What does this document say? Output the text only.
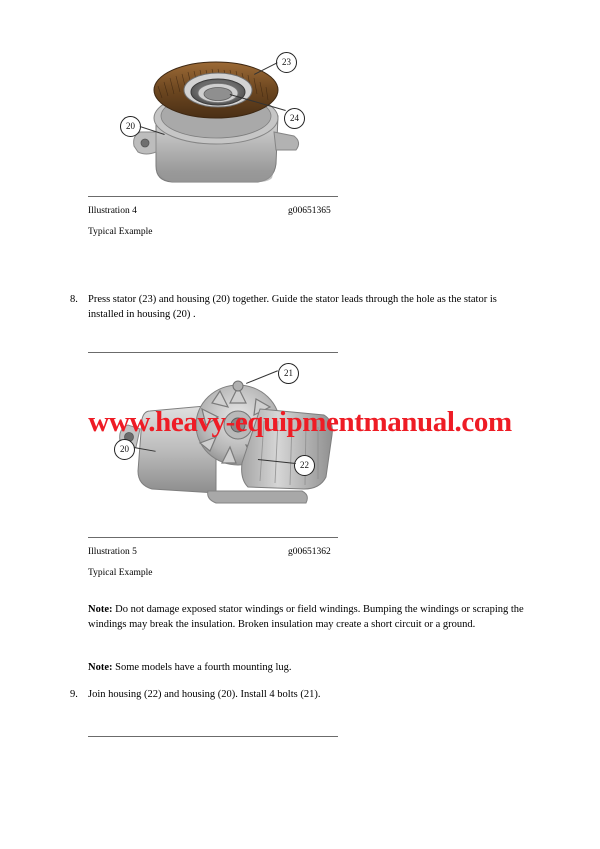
23
24
20
Illustration 4	g00651365
Typical Example
8. Press stator (23) and housing (20) together. Guide the stator leads through the hole as the stator is installed in housing (20) .
21
20
22
Illustration 5	g00651362
Typical Example
Note: Do not damage exposed stator windings or field windings. Bumping the windings or scraping the windings may break the insulation. Broken insulation may create a short circuit or a ground.
Note: Some models have a fourth mounting lug.
9. Join housing (22) and housing (20). Install 4 bolts (21).
www.heavy-equipmentmanual.com
